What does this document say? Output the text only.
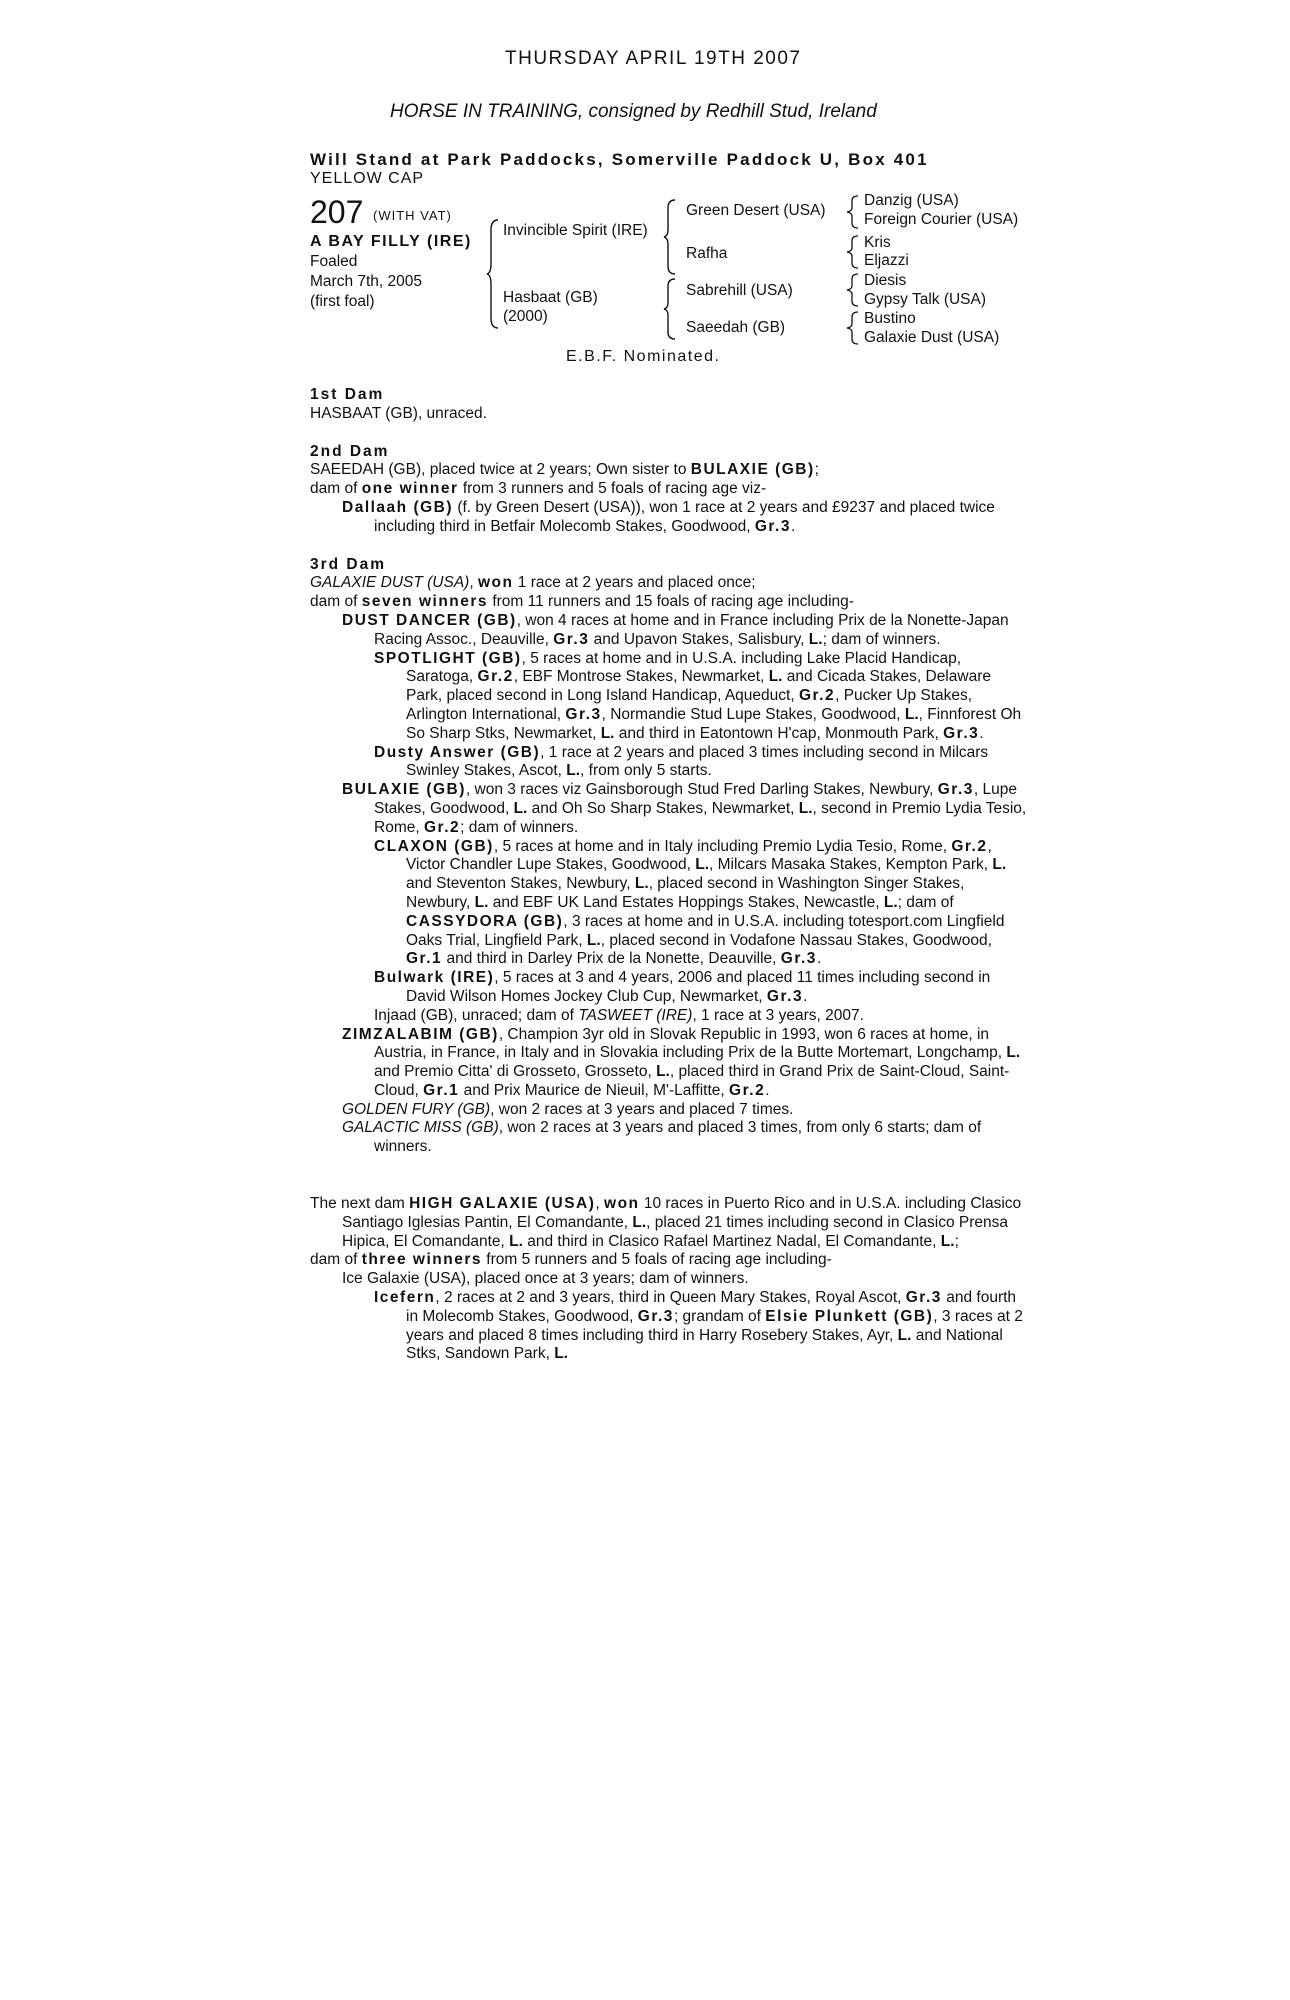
THURSDAY APRIL 19TH 2007
HORSE IN TRAINING, consigned by Redhill Stud, Ireland
Will Stand at Park Paddocks, Somerville Paddock U, Box 401
YELLOW CAP
207 (WITH VAT)
A BAY FILLY (IRE)
Foaled
March 7th, 2005
(first foal)
Invincible Spirit (IRE)
Hasbaat (GB)
(2000)
Green Desert (USA)
Rafha
Sabrehill (USA)
Saeedah (GB)
Danzig (USA)
Foreign Courier (USA)
Kris
Eljazzi
Diesis
Gypsy Talk (USA)
Bustino
Galaxie Dust (USA)
E.B.F. Nominated.
1st Dam

HASBAAT (GB), unraced.

2nd Dam

SAEEDAH (GB), placed twice at 2 years; Own sister to BULAXIE (GB);

dam of one winner from 3 runners and 5 foals of racing age viz-

Dallaah (GB) (f. by Green Desert (USA)), won 1 race at 2 years and £9237 and placed twice including third in Betfair Molecomb Stakes, Goodwood, Gr.3.

3rd Dam

GALAXIE DUST (USA), won 1 race at 2 years and placed once;

dam of seven winners from 11 runners and 15 foals of racing age including-

DUST DANCER (GB), won 4 races at home and in France including Prix de la Nonette-Japan Racing Assoc., Deauville, Gr.3 and Upavon Stakes, Salisbury, L.; dam of winners.

SPOTLIGHT (GB), 5 races at home and in U.S.A. including Lake Placid Handicap, Saratoga, Gr.2, EBF Montrose Stakes, Newmarket, L. and Cicada Stakes, Delaware Park, placed second in Long Island Handicap, Aqueduct, Gr.2, Pucker Up Stakes, Arlington International, Gr.3, Normandie Stud Lupe Stakes, Goodwood, L., Finnforest Oh So Sharp Stks, Newmarket, L. and third in Eatontown H'cap, Monmouth Park, Gr.3.

Dusty Answer (GB), 1 race at 2 years and placed 3 times including second in Milcars Swinley Stakes, Ascot, L., from only 5 starts.

BULAXIE (GB), won 3 races viz Gainsborough Stud Fred Darling Stakes, Newbury, Gr.3, Lupe Stakes, Goodwood, L. and Oh So Sharp Stakes, Newmarket, L., second in Premio Lydia Tesio, Rome, Gr.2; dam of winners.

CLAXON (GB), 5 races at home and in Italy including Premio Lydia Tesio, Rome, Gr.2, Victor Chandler Lupe Stakes, Goodwood, L., Milcars Masaka Stakes, Kempton Park, L. and Steventon Stakes, Newbury, L., placed second in Washington Singer Stakes, Newbury, L. and EBF UK Land Estates Hoppings Stakes, Newcastle, L.; dam of CASSYDORA (GB), 3 races at home and in U.S.A. including totesport.com Lingfield Oaks Trial, Lingfield Park, L., placed second in Vodafone Nassau Stakes, Goodwood, Gr.1 and third in Darley Prix de la Nonette, Deauville, Gr.3.

Bulwark (IRE), 5 races at 3 and 4 years, 2006 and placed 11 times including second in David Wilson Homes Jockey Club Cup, Newmarket, Gr.3.

Injaad (GB), unraced; dam of TASWEET (IRE), 1 race at 3 years, 2007.

ZIMZALABIM (GB), Champion 3yr old in Slovak Republic in 1993, won 6 races at home, in Austria, in France, in Italy and in Slovakia including Prix de la Butte Mortemart, Longchamp, L. and Premio Citta' di Grosseto, Grosseto, L., placed third in Grand Prix de Saint-Cloud, Saint-Cloud, Gr.1 and Prix Maurice de Nieuil, M'-Laffitte, Gr.2.

GOLDEN FURY (GB), won 2 races at 3 years and placed 7 times.

GALACTIC MISS (GB), won 2 races at 3 years and placed 3 times, from only 6 starts; dam of winners.

The next dam HIGH GALAXIE (USA), won 10 races in Puerto Rico and in U.S.A. including Clasico Santiago Iglesias Pantin, El Comandante, L., placed 21 times including second in Clasico Prensa Hipica, El Comandante, L. and third in Clasico Rafael Martinez Nadal, El Comandante, L.;

dam of three winners from 5 runners and 5 foals of racing age including-

Ice Galaxie (USA), placed once at 3 years; dam of winners.

Icefern, 2 races at 2 and 3 years, third in Queen Mary Stakes, Royal Ascot, Gr.3 and fourth in Molecomb Stakes, Goodwood, Gr.3; grandam of Elsie Plunkett (GB), 3 races at 2 years and placed 8 times including third in Harry Rosebery Stakes, Ayr, L. and National Stks, Sandown Park, L.
